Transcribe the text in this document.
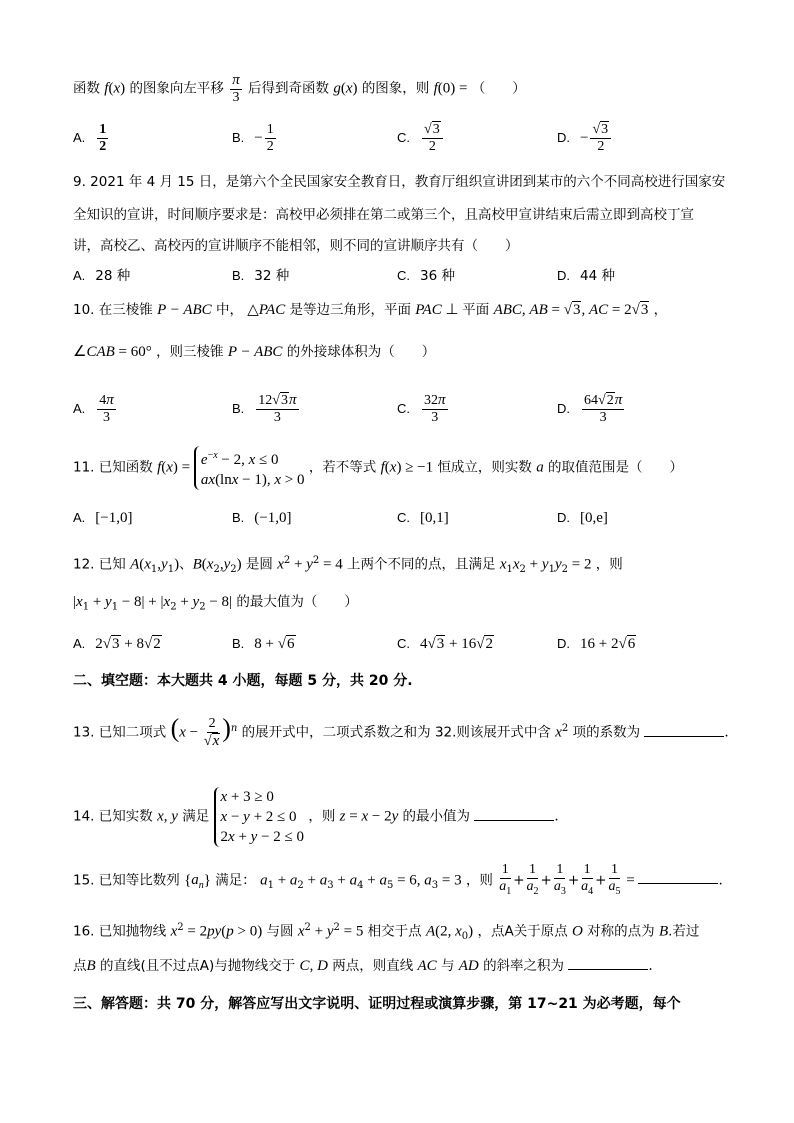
函数 f(x) 的图象向左平移 $\frac{\pi}{3}$ 后得到奇函数 g(x) 的图象，则 f(0) = （　　）
A. $\frac{1}{2}$	B. − $\frac{1}{2}$	C. $\frac{√3}{2}$	D. − $\frac{√3}{2}$
9. 2021 年 4 月 15 日，是第六个全民国家安全教育日，教育厅组织宣讲团到某市的六个不同高校进行国家安
全知识的宣讲，时间顺序要求是：高校甲必须排在第二或第三个，且高校甲宣讲结束后需立即到高校丁宣
讲，高校乙、高校丙的宣讲顺序不能相邻，则不同的宣讲顺序共有（　　）
A. 28 种	B. 32 种	C. 36 种	D. 44 种
10. 在三棱锥 P − ABC 中， △PAC 是等边三角形，平面 PAC ⊥ 平面 ABC, AB = √3, AC = 2√3 ，
∠CAB = 60° ，则三棱锥 P − ABC 的外接球体积为（　　）
A. $\frac{4\pi}{3}$	B. $\frac{12√3\pi}{3}$	C. $\frac{32\pi}{3}$	D. $\frac{64√2\pi}{3}$
11. 已知函数 $f(x) = e^{-x} - 2$, x ≤ 0
ax(lnx − 1), x > 0 ，若不等式 f(x) ≥ −1 恒成立，则实数 a 的取值范围是（　　）
A. [−1,0]	B. (−1,0]	C. [0,1]	D. [0,e]
12. 已知 $A(x_1,y_1)$、$B(x_2,y_2)$ 是圆 $x^2 + y^2 = 4$ 上两个不同的点，且满足 $x_1x_2 + y_1y_2 = 2$ ，则
$|x_1 + y_1 - 8| + |x_2 + y_2 - 8|$ 的最大值为（　　）
A. 2√3 + 8√2	B. 8 + √6	C. 4√3 + 16√2	D. 16 + 2√6
二、填空题：本大题共 4 小题，每题 5 分，共 20 分.
13. 已知二项式 $(x - \frac{2}{√x} )^n$ 的展开式中，二项式系数之和为 32.则该展开式中含 $x^2$ 项的系数为	.
14. 已知实数 x, y 满足 x + 3 ≥ 0
x − y + 2 ≤ 0
2x + y − 2 ≤ 0 ，则 z = x − 2y 的最小值为	.
15. 已知等比数列 $\{a_n\}$ 满足： $a_1 + a_2 + a_3 + a_4 + a_5 = 6$, $a_3 = 3$ ，则 $\frac{1}{a_1} + \frac{1}{a_2} + \frac{1}{a_3} + \frac{1}{a_4} + \frac{1}{a_5}$ =	.
16. 已知抛物线 $x^2 = 2py(p > 0)$ 与圆 $x^2 + y^2 = 5$ 相交于点 A(2, $x_0$) ，点A关于原点 O 对称的点为 B.若过
点B 的直线(且不过点A)与抛物线交于 C, D 两点，则直线 AC 与 AD 的斜率之积为	.
三、解答题：共 70 分，解答应写出文字说明、证明过程或演算步骤，第 17~21 为必考题，每个
